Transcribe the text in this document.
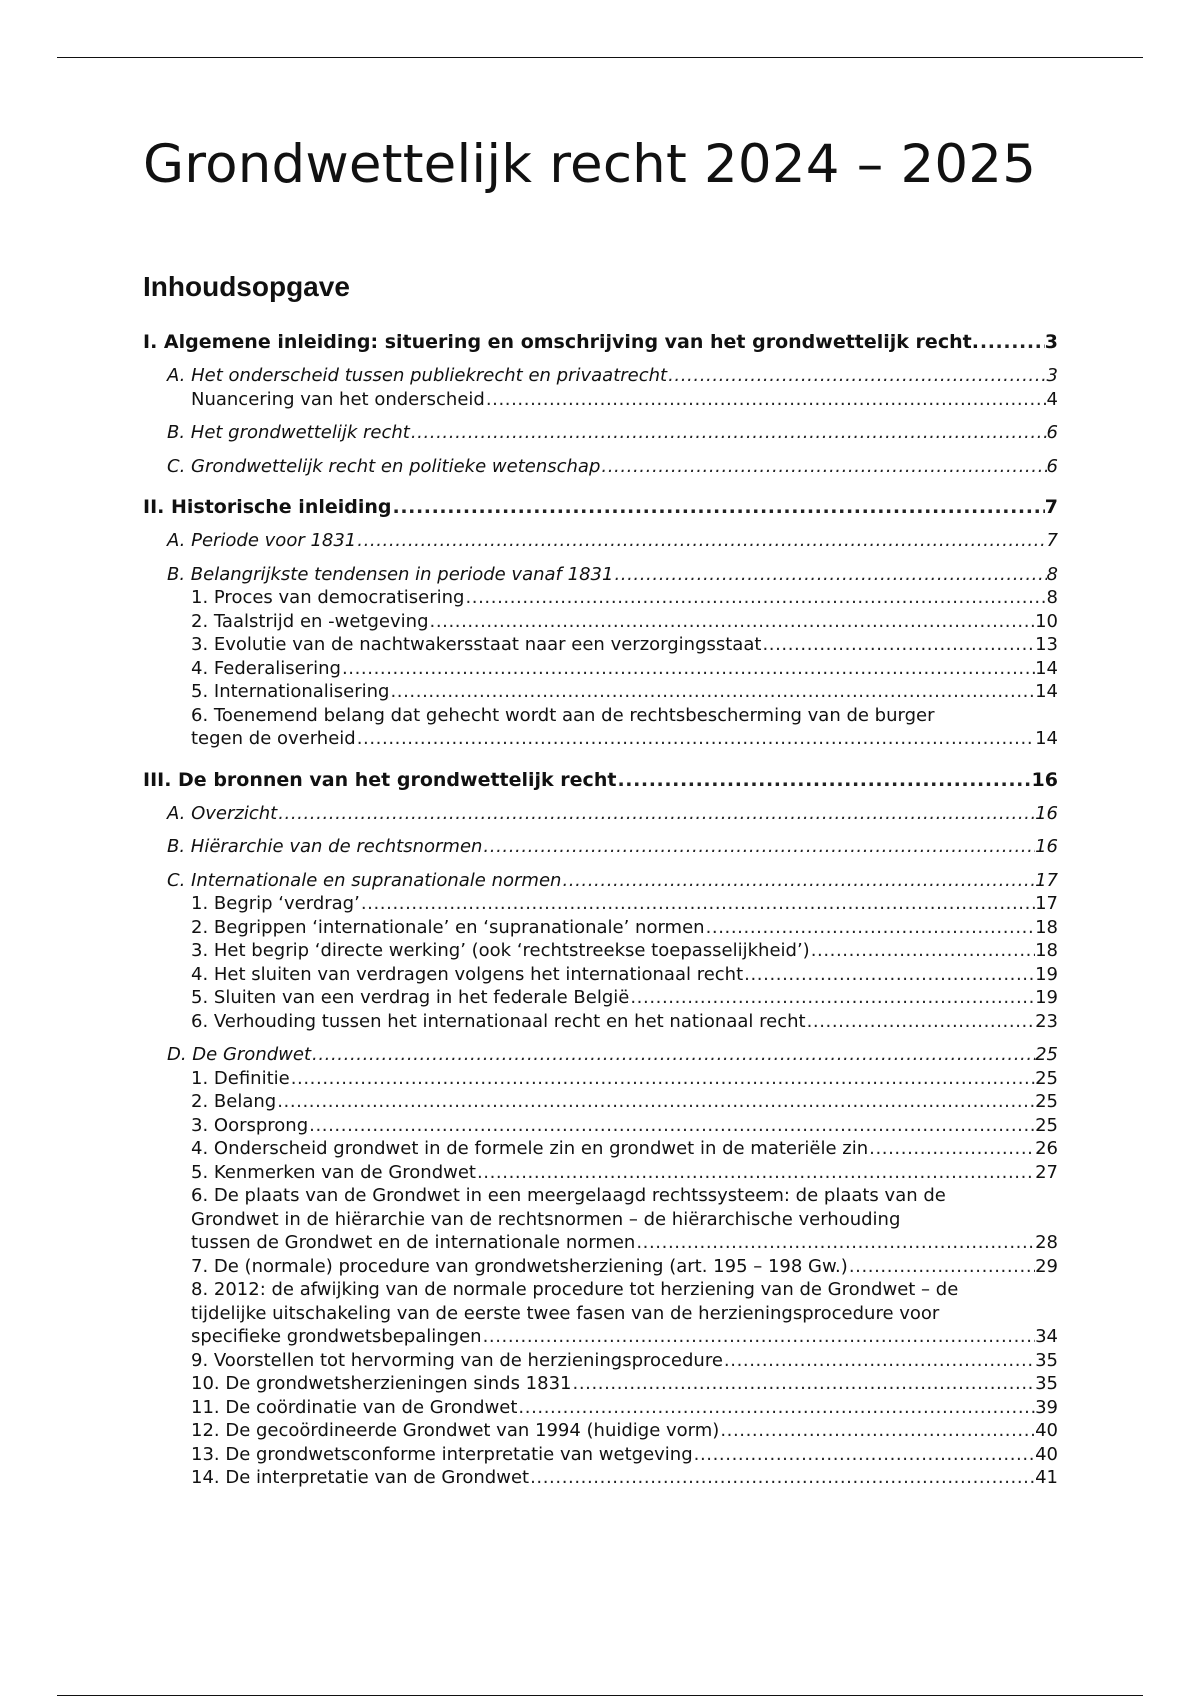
Grondwettelijk recht 2024 – 2025
Inhoudsopgave
I. Algemene inleiding: situering en omschrijving van het grondwettelijk recht. .....	3
A. Het onderscheid tussen publiekrecht en privaatrecht .....	3
Nuancering van het onderscheid .....	4
B. Het grondwettelijk recht .....	6
C. Grondwettelijk recht en politieke wetenschap .....	6
II. Historische inleiding .....	7
A. Periode voor 1831 .....	7
B. Belangrijkste tendensen in periode vanaf 1831 .....	8
1. Proces van democratisering .....	8
2. Taalstrijd en -wetgeving .....	10
3. Evolutie van de nachtwakersstaat naar een verzorgingsstaat .....	13
4. Federalisering .....	14
5. Internationalisering .....	14
6. Toenemend belang dat gehecht wordt aan de rechtsbescherming van de burger
tegen de overheid .....	14
III. De bronnen van het grondwettelijk recht .....	16
A. Overzicht .....	16
B. Hiërarchie van de rechtsnormen .....	16
C. Internationale en supranationale normen .....	17
1. Begrip ‘verdrag’ .....	17
2. Begrippen ‘internationale’ en ‘supranationale’ normen .....	18
3. Het begrip ‘directe werking’ (ook ‘rechtstreekse toepasselijkheid’) .....	18
4. Het sluiten van verdragen volgens het internationaal recht .....	19
5. Sluiten van een verdrag in het federale België .....	19
6. Verhouding tussen het internationaal recht en het nationaal recht .....	23
D. De Grondwet .....	25
1. Definitie .....	25
2. Belang .....	25
3. Oorsprong .....	25
4. Onderscheid grondwet in de formele zin en grondwet in de materiële zin .....	26
5. Kenmerken van de Grondwet .....	27
6. De plaats van de Grondwet in een meergelaagd rechtssysteem: de plaats van de
Grondwet in de hiërarchie van de rechtsnormen – de hiërarchische verhouding
tussen de Grondwet en de internationale normen .....	28
7. De (normale) procedure van grondwetsherziening (art. 195 – 198 Gw.) .....	29
8. 2012: de afwijking van de normale procedure tot herziening van de Grondwet – de
tijdelijke uitschakeling van de eerste twee fasen van de herzieningsprocedure voor
specifieke grondwetsbepalingen .....	34
9. Voorstellen tot hervorming van de herzieningsprocedure .....	35
10. De grondwetsherzieningen sinds 1831 .....	35
11. De coördinatie van de Grondwet .....	39
12. De gecoördineerde Grondwet van 1994 (huidige vorm) .....	40
13. De grondwetsconforme interpretatie van wetgeving .....	40
14. De interpretatie van de Grondwet .....	41
